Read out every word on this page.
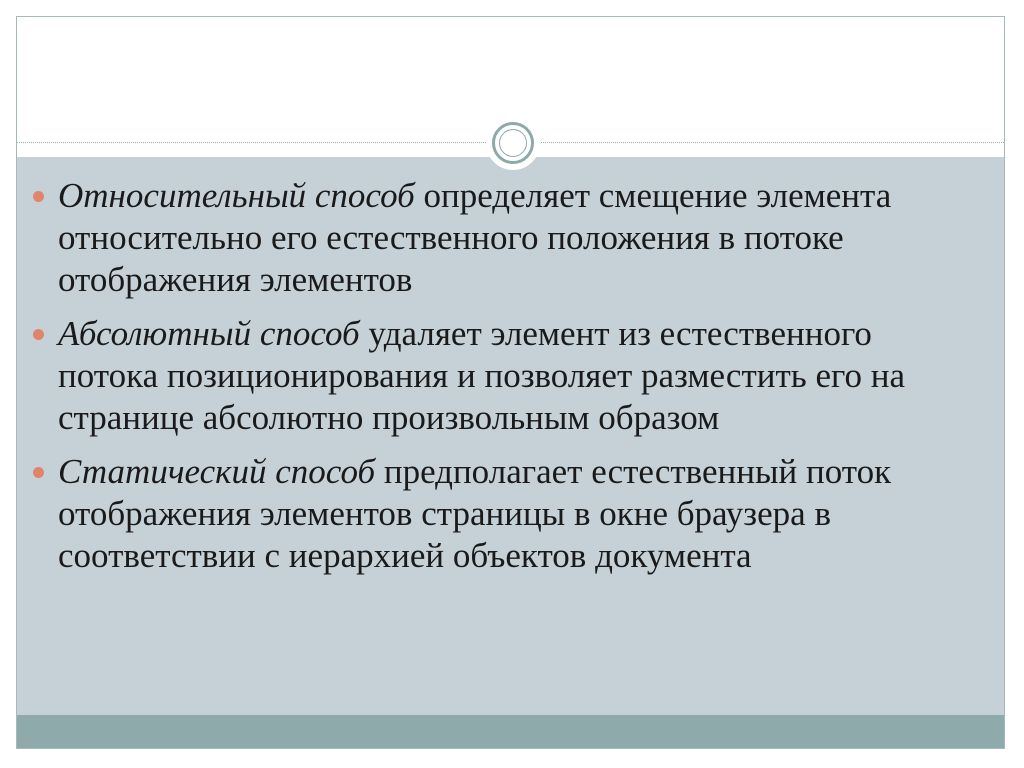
Относительный способ определяет смещение элемента относительно его естественного положения в потоке отображения элементов
Абсолютный способ удаляет элемент из естественного потока позиционирования и позволяет разместить его на странице абсолютно произвольным образом
Статический способ предполагает естественный поток отображения элементов страницы в окне браузера в соответствии с иерархией объектов документа
